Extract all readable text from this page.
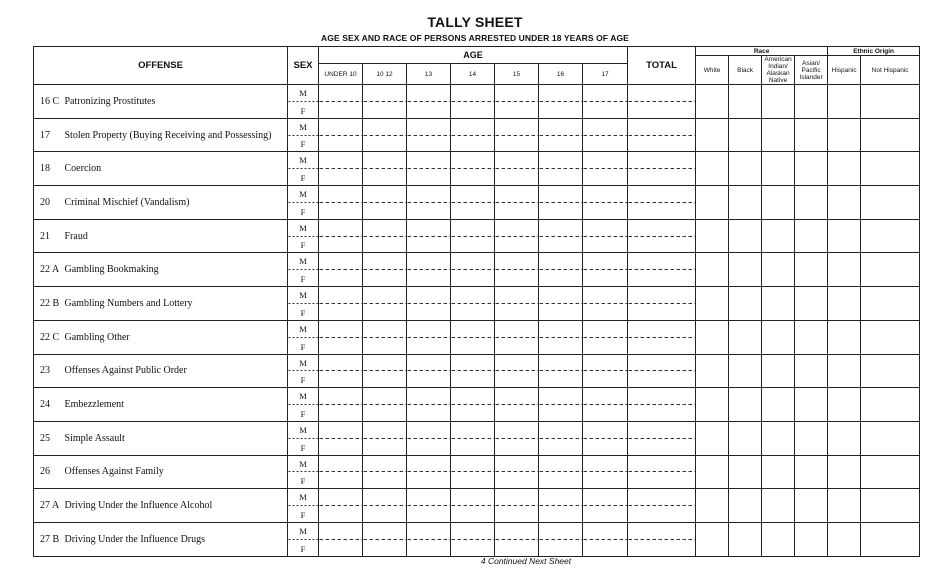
TALLY SHEET
AGE SEX AND RACE OF PERSONS ARRESTED UNDER 18 YEARS OF AGE
OFFENSE	SEX	AGE							TOTAL	Race				Ethnic Origin	
										White	Black	American Indian/ Alaskan Native	Asian/ Pacific Islander	Hispanic	Not Hispanic
		UNDER 10	10 12	13	14	15	16	17							
16 C Patronizing Prostitutes	M
F														

17 Stolen Property (Buying Receiving and Possessing)	M
F														

18 Coercion	M
F														

20 Criminal Mischief (Vandalism)	M
F														

21 Fraud	M
F														

22 A Gambling Bookmaking	M
F														

22 B Gambling Numbers and Lottery	M
F														

22 C Gambling Other	M
F														

23 Offenses Against Public Order	M
F														

24 Embezzlement	M
F														

25 Simple Assault	M
F														

26 Offenses Against Family	M
F														

27 A Driving Under the Influence Alcohol	M
F														

27 B Driving Under the Influence Drugs	M
F														

4 Continued Next Sheet
